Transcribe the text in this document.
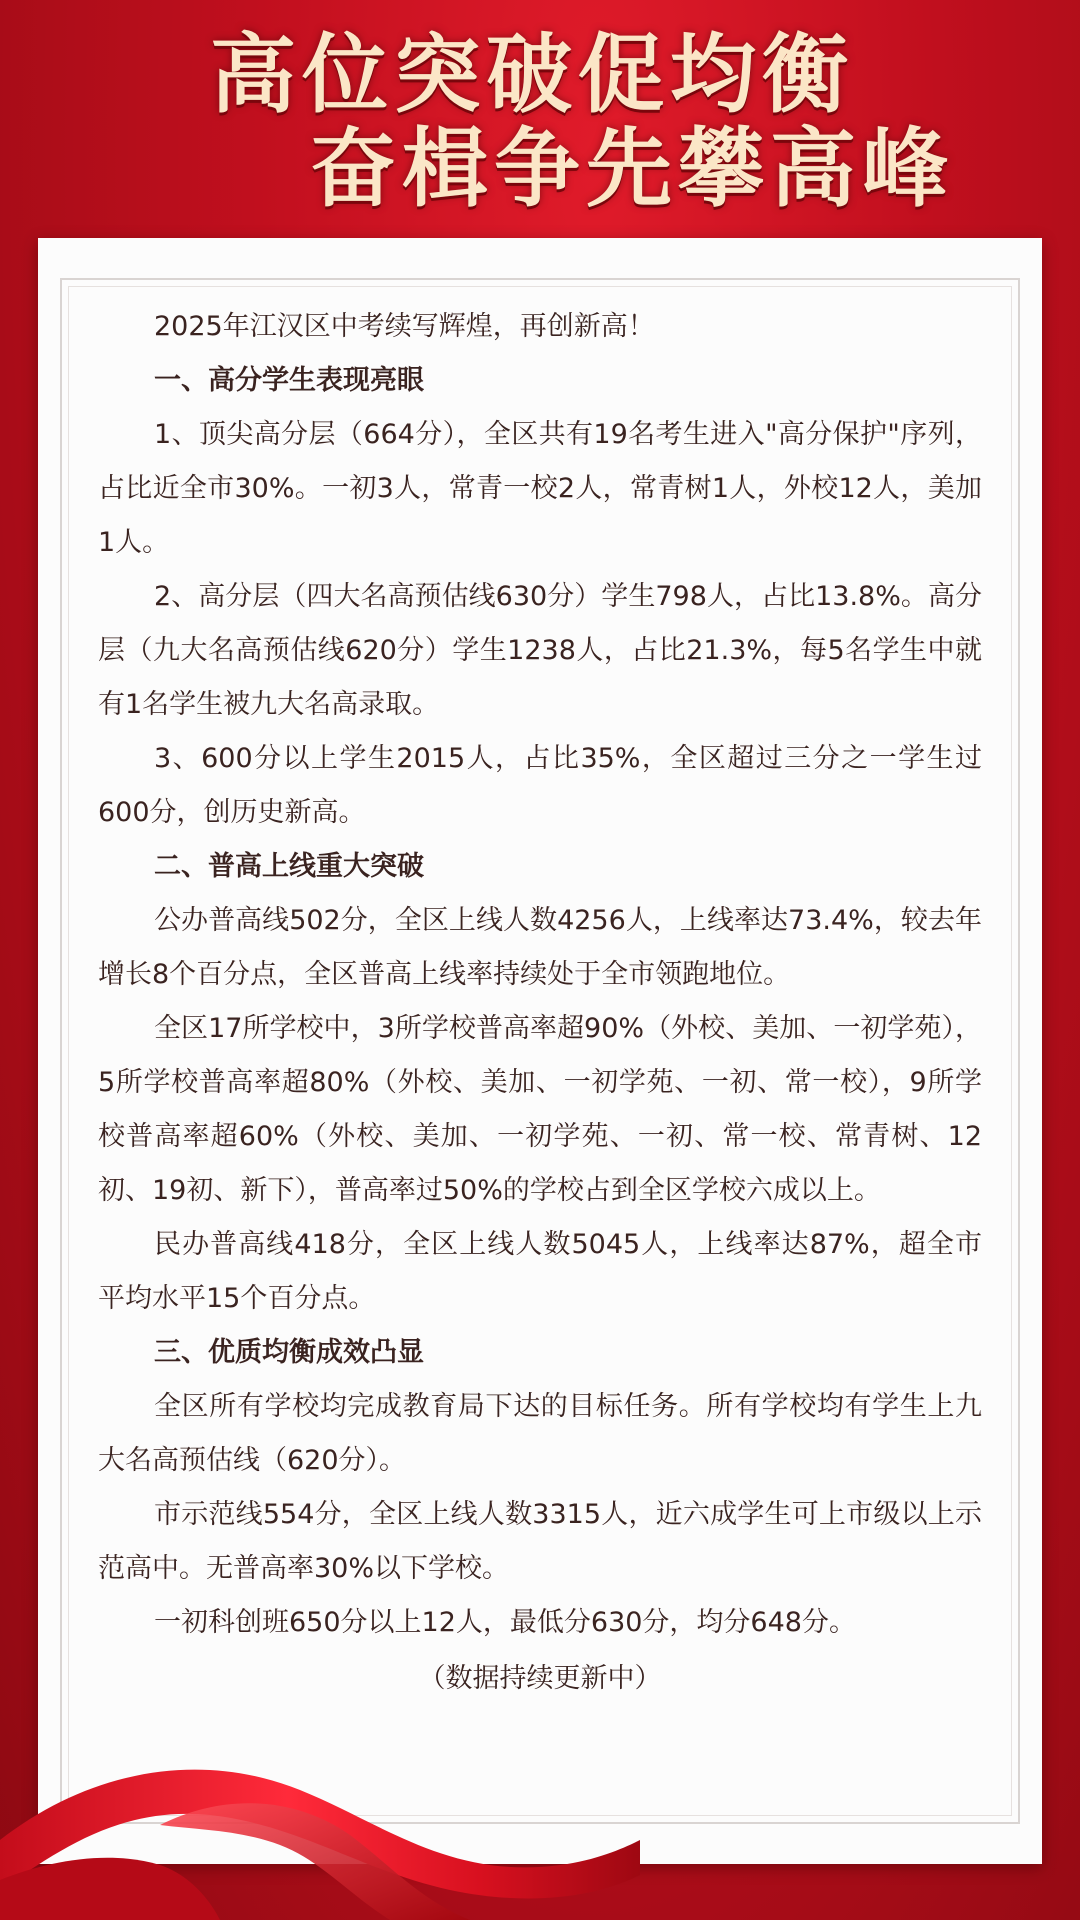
高位突破促均衡
奋楫争先攀高峰

2025年江汉区中考续写辉煌，再创新高！

一、高分学生表现亮眼

1、顶尖高分层（664分），全区共有19名考生进入"高分保护"序列，占比近全市30%。一初3人，常青一校2人，常青树1人，外校12人，美加1人。

2、高分层（四大名高预估线630分）学生798人，占比13.8%。高分层（九大名高预估线620分）学生1238人，占比21.3%，每5名学生中就有1名学生被九大名高录取。

3、600分以上学生2015人，占比35%，全区超过三分之一学生过600分，创历史新高。

二、普高上线重大突破

公办普高线502分，全区上线人数4256人，上线率达73.4%，较去年增长8个百分点，全区普高上线率持续处于全市领跑地位。

全区17所学校中，3所学校普高率超90%（外校、美加、一初学苑），5所学校普高率超80%（外校、美加、一初学苑、一初、常一校），9所学校普高率超60%（外校、美加、一初学苑、一初、常一校、常青树、12初、19初、新下），普高率过50%的学校占到全区学校六成以上。

民办普高线418分，全区上线人数5045人，上线率达87%，超全市平均水平15个百分点。

三、优质均衡成效凸显

全区所有学校均完成教育局下达的目标任务。所有学校均有学生上九大名高预估线（620分）。

市示范线554分，全区上线人数3315人，近六成学生可上市级以上示范高中。无普高率30%以下学校。

一初科创班650分以上12人，最低分630分，均分648分。

（数据持续更新中）
